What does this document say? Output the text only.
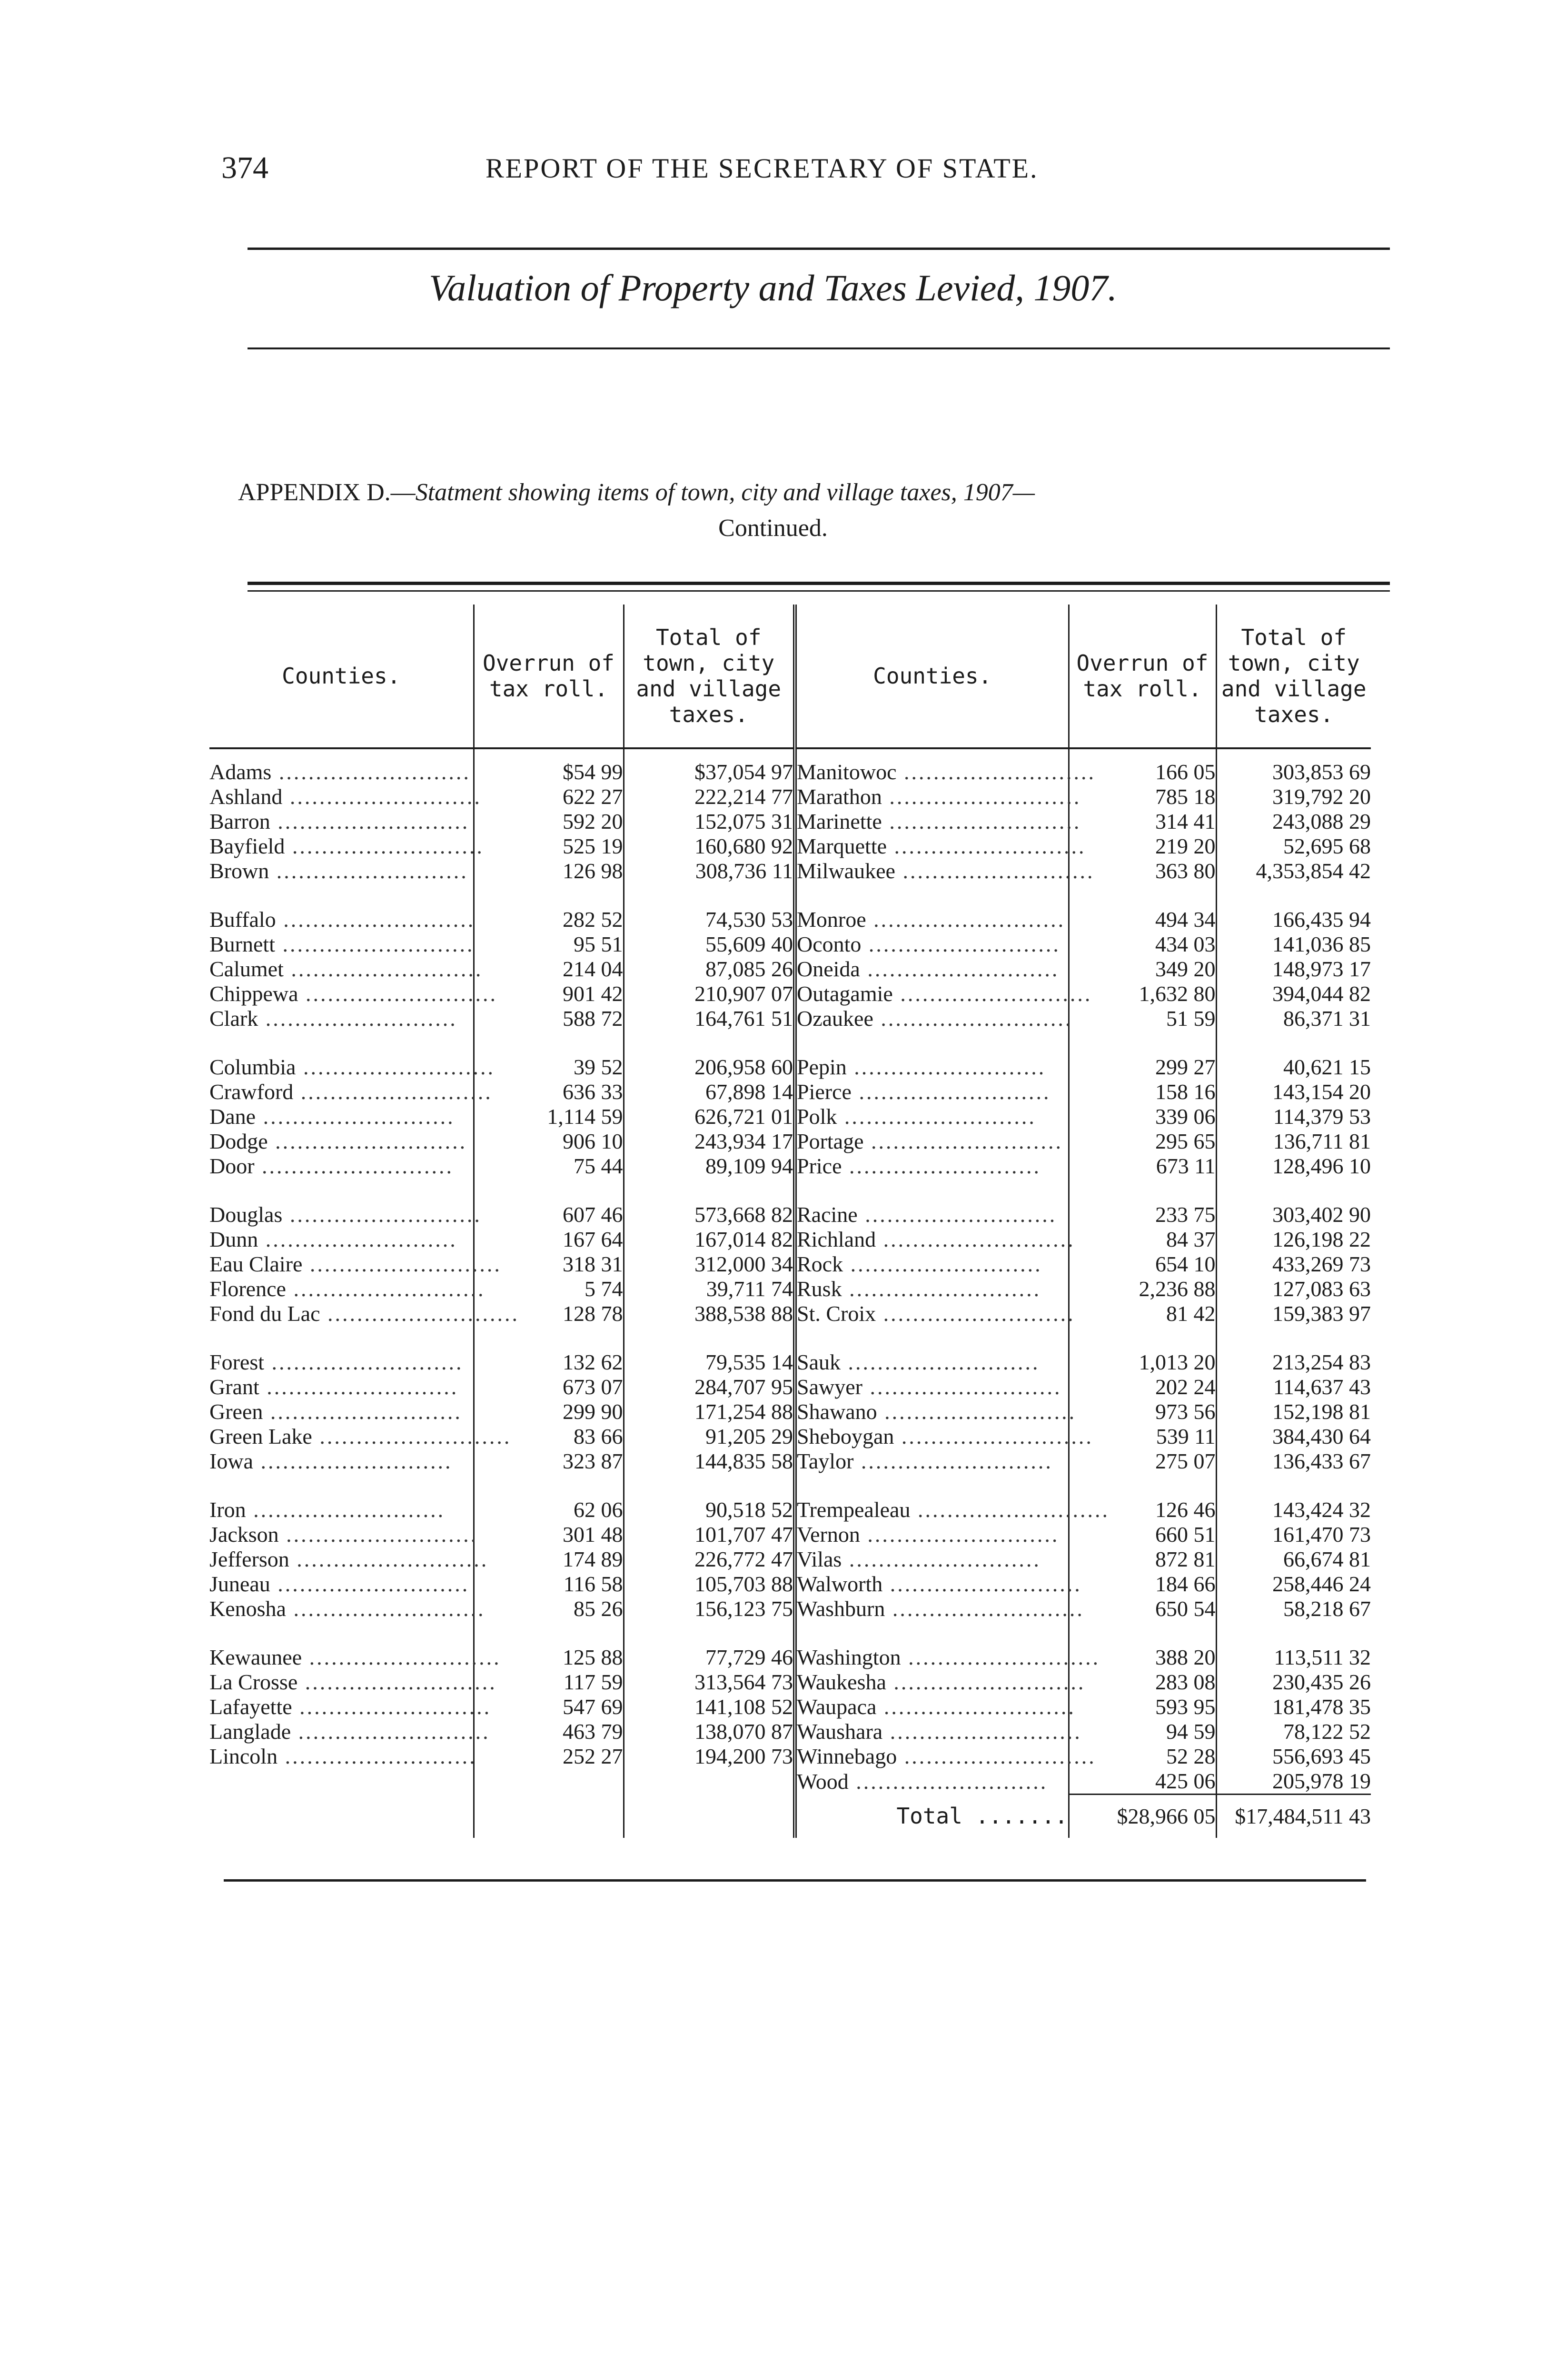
374	REPORT OF THE SECRETARY OF STATE.
Valuation of Property and Taxes Levied, 1907.
APPENDIX D.—Statment showing items of town, city and village taxes, 1907—
Continued.
Counties.	Overrun of tax roll.	Total of town, city and village taxes.	Counties.	Overrun of tax roll.	Total of town, city and village taxes.
Adams ..........................	$54 99	$37,054 97	Manitowoc ..........................	166 05	303,853 69
Ashland ..........................	622 27	222,214 77	Marathon ..........................	785 18	319,792 20
Barron ..........................	592 20	152,075 31	Marinette ..........................	314 41	243,088 29
Bayfield ..........................	525 19	160,680 92	Marquette ..........................	219 20	52,695 68
Brown ..........................	126 98	308,736 11	Milwaukee ..........................	363 80	4,353,854 42

Buffalo ..........................	282 52	74,530 53	Monroe ..........................	494 34	166,435 94
Burnett ..........................	95 51	55,609 40	Oconto ..........................	434 03	141,036 85
Calumet ..........................	214 04	87,085 26	Oneida ..........................	349 20	148,973 17
Chippewa ..........................	901 42	210,907 07	Outagamie ..........................	1,632 80	394,044 82
Clark ..........................	588 72	164,761 51	Ozaukee ..........................	51 59	86,371 31

Columbia ..........................	39 52	206,958 60	Pepin ..........................	299 27	40,621 15
Crawford ..........................	636 33	67,898 14	Pierce ..........................	158 16	143,154 20
Dane ..........................	1,114 59	626,721 01	Polk ..........................	339 06	114,379 53
Dodge ..........................	906 10	243,934 17	Portage ..........................	295 65	136,711 81
Door ..........................	75 44	89,109 94	Price ..........................	673 11	128,496 10

Douglas ..........................	607 46	573,668 82	Racine ..........................	233 75	303,402 90
Dunn ..........................	167 64	167,014 82	Richland ..........................	84 37	126,198 22
Eau Claire ..........................	318 31	312,000 34	Rock ..........................	654 10	433,269 73
Florence ..........................	5 74	39,711 74	Rusk ..........................	2,236 88	127,083 63
Fond du Lac ..........................	128 78	388,538 88	St. Croix ..........................	81 42	159,383 97

Forest ..........................	132 62	79,535 14	Sauk ..........................	1,013 20	213,254 83
Grant ..........................	673 07	284,707 95	Sawyer ..........................	202 24	114,637 43
Green ..........................	299 90	171,254 88	Shawano ..........................	973 56	152,198 81
Green Lake ..........................	83 66	91,205 29	Sheboygan ..........................	539 11	384,430 64
Iowa ..........................	323 87	144,835 58	Taylor ..........................	275 07	136,433 67

Iron ..........................	62 06	90,518 52	Trempealeau ..........................	126 46	143,424 32
Jackson ..........................	301 48	101,707 47	Vernon ..........................	660 51	161,470 73
Jefferson ..........................	174 89	226,772 47	Vilas ..........................	872 81	66,674 81
Juneau ..........................	116 58	105,703 88	Walworth ..........................	184 66	258,446 24
Kenosha ..........................	85 26	156,123 75	Washburn ..........................	650 54	58,218 67

Kewaunee ..........................	125 88	77,729 46	Washington ..........................	388 20	113,511 32
La Crosse ..........................	117 59	313,564 73	Waukesha ..........................	283 08	230,435 26
Lafayette ..........................	547 69	141,108 52	Waupaca ..........................	593 95	181,478 35
Langlade ..........................	463 79	138,070 87	Waushara ..........................	94 59	78,122 52
Lincoln ..........................	252 27	194,200 73	Winnebago ..........................	52 28	556,693 45
			Wood ..........................	425 06	205,978 19
			Total .......	$28,966 05	$17,484,511 43
